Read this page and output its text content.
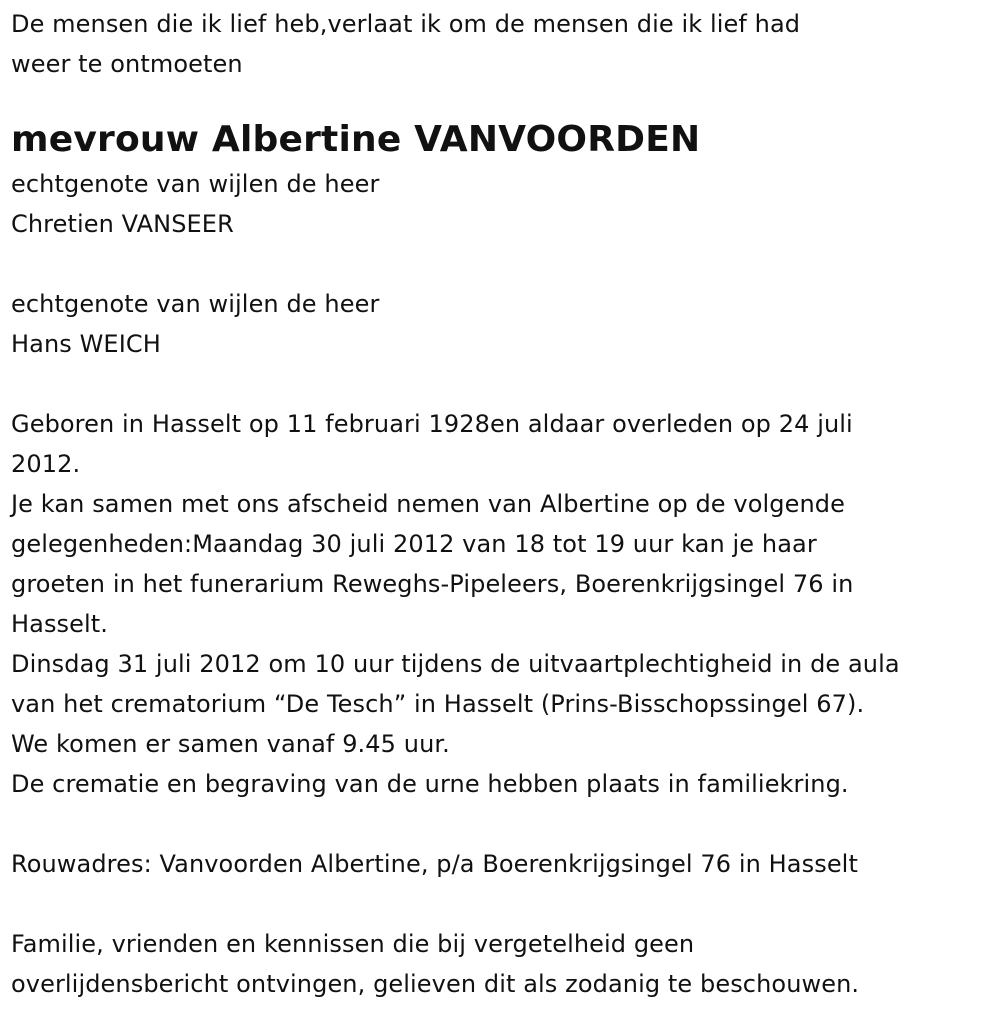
De mensen die ik lief heb,verlaat ik om de mensen die ik lief had
weer te ontmoeten
mevrouw Albertine VANVOORDEN
echtgenote van wijlen de heer
Chretien VANSEER
echtgenote van wijlen de heer
Hans WEICH
Geboren in Hasselt op 11 februari 1928en aldaar overleden op 24 juli
2012.
Je kan samen met ons afscheid nemen van Albertine op de volgende
gelegenheden:Maandag 30 juli 2012 van 18 tot 19 uur kan je haar
groeten in het funerarium Reweghs-Pipeleers, Boerenkrijgsingel 76 in
Hasselt.
Dinsdag 31 juli 2012 om 10 uur tijdens de uitvaartplechtigheid in de aula
van het crematorium “De Tesch” in Hasselt (Prins-Bisschopssingel 67).
We komen er samen vanaf 9.45 uur.
De crematie en begraving van de urne hebben plaats in familiekring.
Rouwadres: Vanvoorden Albertine, p/a Boerenkrijgsingel 76 in Hasselt
Familie, vrienden en kennissen die bij vergetelheid geen
overlijdensbericht ontvingen, gelieven dit als zodanig te beschouwen.
